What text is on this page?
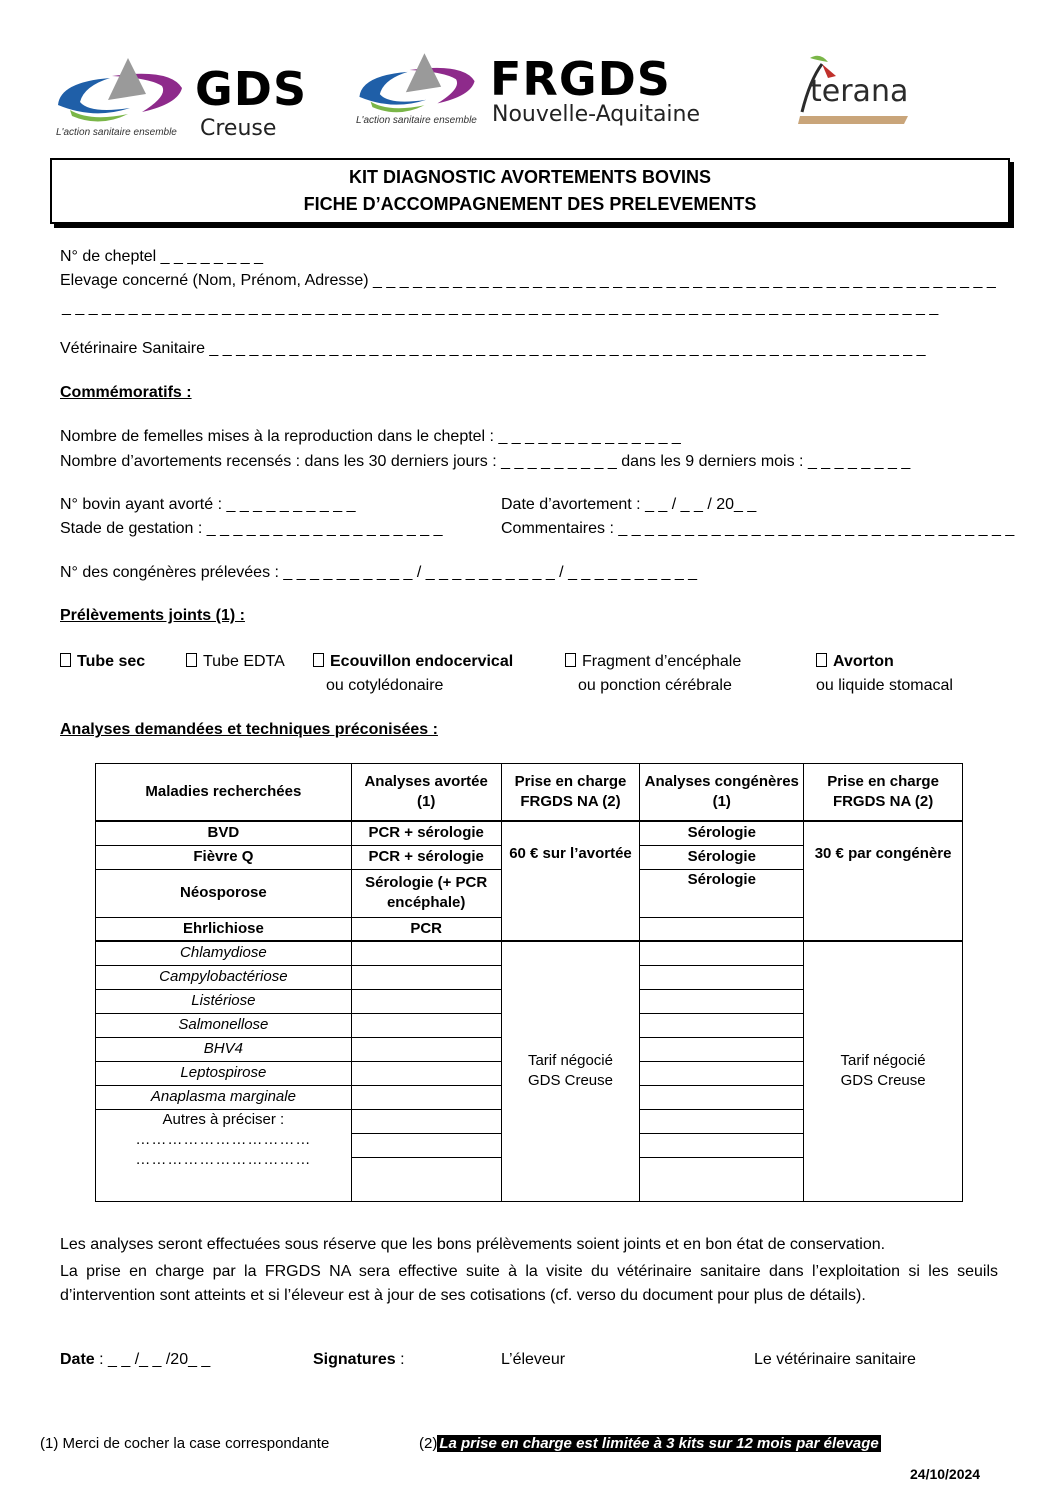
GDS
Creuse
L'action sanitaire ensemble
FRGDS
Nouvelle-Aquitaine
L'action sanitaire ensemble
terana
KIT DIAGNOSTIC AVORTEMENTS BOVINS
FICHE D’ACCOMPAGNEMENT DES PRELEVEMENTS
N° de cheptel _ _ _ _ _ _ _ _
Elevage concerné (Nom, Prénom, Adresse) _ _ _ _ _ _ _ _ _ _ _ _ _ _ _ _ _ _ _ _ _ _ _ _ _ _ _ _ _ _ _ _ _ _ _ _ _ _ _ _ _ _ _ _ _ _ _
_ _ _ _ _ _ _ _ _ _ _ _ _ _ _ _ _ _ _ _ _ _ _ _ _ _ _ _ _ _ _ _ _ _ _ _ _ _ _ _ _ _ _ _ _ _ _ _ _ _ _ _ _ _ _ _ _ _ _ _ _ _ _ _ _ _
Vétérinaire Sanitaire _ _ _ _ _ _ _ _ _ _ _ _ _ _ _ _ _ _ _ _ _ _ _ _ _ _ _ _ _ _ _ _ _ _ _ _ _ _ _ _ _ _ _ _ _ _ _ _ _ _ _ _ _ _
Commémoratifs :
Nombre de femelles mises à la reproduction dans le cheptel : _ _ _ _ _ _ _ _ _ _ _ _ _ _
Nombre d’avortements recensés : dans les 30 derniers jours : _ _ _ _ _ _ _ _ _ dans les 9 derniers mois : _ _ _ _ _ _ _ _
N° bovin ayant avorté : _ _ _ _ _ _ _ _ _ _	Date d’avortement : _ _ / _ _ / 20_ _
Stade de gestation : _ _ _ _ _ _ _ _ _ _ _ _ _ _ _ _ _ _	Commentaires : _ _ _ _ _ _ _ _ _ _ _ _ _ _ _ _ _ _ _ _ _ _ _ _ _ _ _ _ _ _
N° des congénères prélevées : _ _ _ _ _ _ _ _ _ _ / _ _ _ _ _ _ _ _ _ _ / _ _ _ _ _ _ _ _ _ _
Prélèvements joints (1) :
Tube sec	Tube EDTA	Ecouvillon endocervical
ou cotylédonaire
Fragment d’encéphale
ou ponction cérébrale
Avorton
ou liquide stomacal
Analyses demandées et techniques préconisées :
Maladies recherchées	Analyses avortée (1)	Prise en charge FRGDS NA (2)	Analyses congénères (1)	Prise en charge FRGDS NA (2)
BVD	PCR + sérologie	60 € sur l’avortée	Sérologie	30 € par congénère
Fièvre Q	PCR + sérologie		Sérologie	
Néosporose	Sérologie (+ PCR encéphale)		Sérologie	
Ehrlichiose	PCR			
Chlamydiose		Tarif négocié GDS Creuse		Tarif négocié GDS Creuse
Campylobactériose				
Listériose				
Salmonellose				
BHV4				
Leptospirose				
Anaplasma marginale				

Autres à préciser :
……………………………
……………………………				

Les analyses seront effectuées sous réserve que les bons prélèvements soient joints et en bon état de conservation.
La prise en charge par la FRGDS NA sera effective suite à la visite du vétérinaire sanitaire dans l’exploitation si les seuils d’intervention sont atteints et si l’éleveur est à jour de ses cotisations (cf. verso du document pour plus de détails).
Date : _ _ /_ _ /20_ _	Signatures :	L’éleveur	Le vétérinaire sanitaire
(1) Merci de cocher la case correspondante	(2) La prise en charge est limitée à 3 kits sur 12 mois par élevage
24/10/2024
